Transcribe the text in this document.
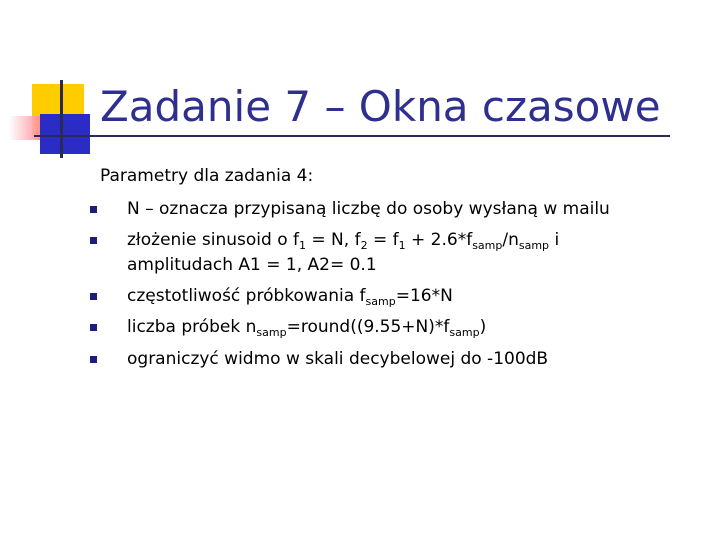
Zadanie 7 – Okna czasowe

Parametry dla zadania 4:

N – oznacza przypisaną liczbę do osoby wysłaną w mailu
złożenie sinusoid o $f_1 = N$, $f_2 = f_1 + 2.6*f_{samp}/n_{samp}$ i
amplitudach A1 = 1, A2= 0.1
częstotliwość próbkowania $f_{samp}=16*N$
liczba próbek $n_{samp}=round((9.55+N)*f_{samp})$
ograniczyć widmo w skali decybelowej do -100dB
